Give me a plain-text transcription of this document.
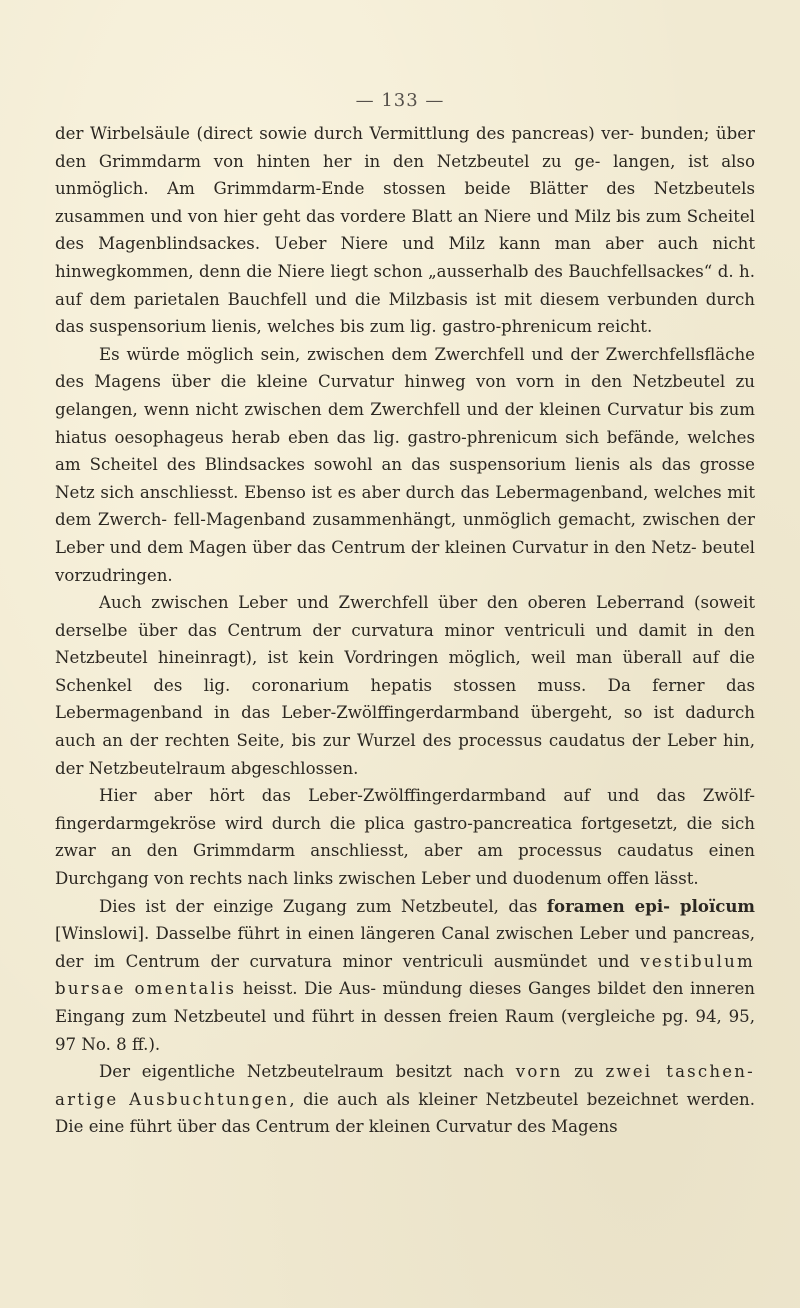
— 133 —

der Wirbelsäule (direct sowie durch Vermittlung des pancreas) ver- bunden; über den Grimmdarm von hinten her in den Netzbeutel zu ge- langen, ist also unmöglich. Am Grimmdarm-Ende stossen beide Blätter des Netzbeutels zusammen und von hier geht das vordere Blatt an Niere und Milz bis zum Scheitel des Magenblindsackes. Ueber Niere und Milz kann man aber auch nicht hinwegkommen, denn die Niere liegt schon „ausserhalb des Bauchfellsackes“ d. h. auf dem parietalen Bauchfell und die Milzbasis ist mit diesem verbunden durch das suspensorium lienis, welches bis zum lig. gastro-phrenicum reicht.

Es würde möglich sein, zwischen dem Zwerchfell und der Zwerchfellsfläche des Magens über die kleine Curvatur hinweg von vorn in den Netzbeutel zu gelangen, wenn nicht zwischen dem Zwerchfell und der kleinen Curvatur bis zum hiatus oesophageus herab eben das lig. gastro-phrenicum sich befände, welches am Scheitel des Blindsackes sowohl an das suspensorium lienis als das grosse Netz sich anschliesst. Ebenso ist es aber durch das Lebermagenband, welches mit dem Zwerch- fell-Magenband zusammenhängt, unmöglich gemacht, zwischen der Leber und dem Magen über das Centrum der kleinen Curvatur in den Netz- beutel vorzudringen.

Auch zwischen Leber und Zwerchfell über den oberen Leberrand (soweit derselbe über das Centrum der curvatura minor ventriculi und damit in den Netzbeutel hineinragt), ist kein Vordringen möglich, weil man überall auf die Schenkel des lig. coronarium hepatis stossen muss. Da ferner das Lebermagenband in das Leber-Zwölffingerdarmband übergeht, so ist dadurch auch an der rechten Seite, bis zur Wurzel des processus caudatus der Leber hin, der Netzbeutelraum abgeschlossen.

Hier aber hört das Leber-Zwölffingerdarmband auf und das Zwölf- fingerdarmgekröse wird durch die plica gastro-pancreatica fortgesetzt, die sich zwar an den Grimmdarm anschliesst, aber am processus caudatus einen Durchgang von rechts nach links zwischen Leber und duodenum offen lässt.

Dies ist der einzige Zugang zum Netzbeutel, das foramen epi- ploïcum [Winslowi]. Dasselbe führt in einen längeren Canal zwischen Leber und pancreas, der im Centrum der curvatura minor ventriculi ausmündet und vestibulum bursae omentalis heisst. Die Aus- mündung dieses Ganges bildet den inneren Eingang zum Netzbeutel und führt in dessen freien Raum (vergleiche pg. 94, 95, 97 No. 8 ff.).

Der eigentliche Netzbeutelraum besitzt nach vorn zu zwei taschen- artige Ausbuchtungen, die auch als kleiner Netzbeutel bezeichnet werden. Die eine führt über das Centrum der kleinen Curvatur des Magens
